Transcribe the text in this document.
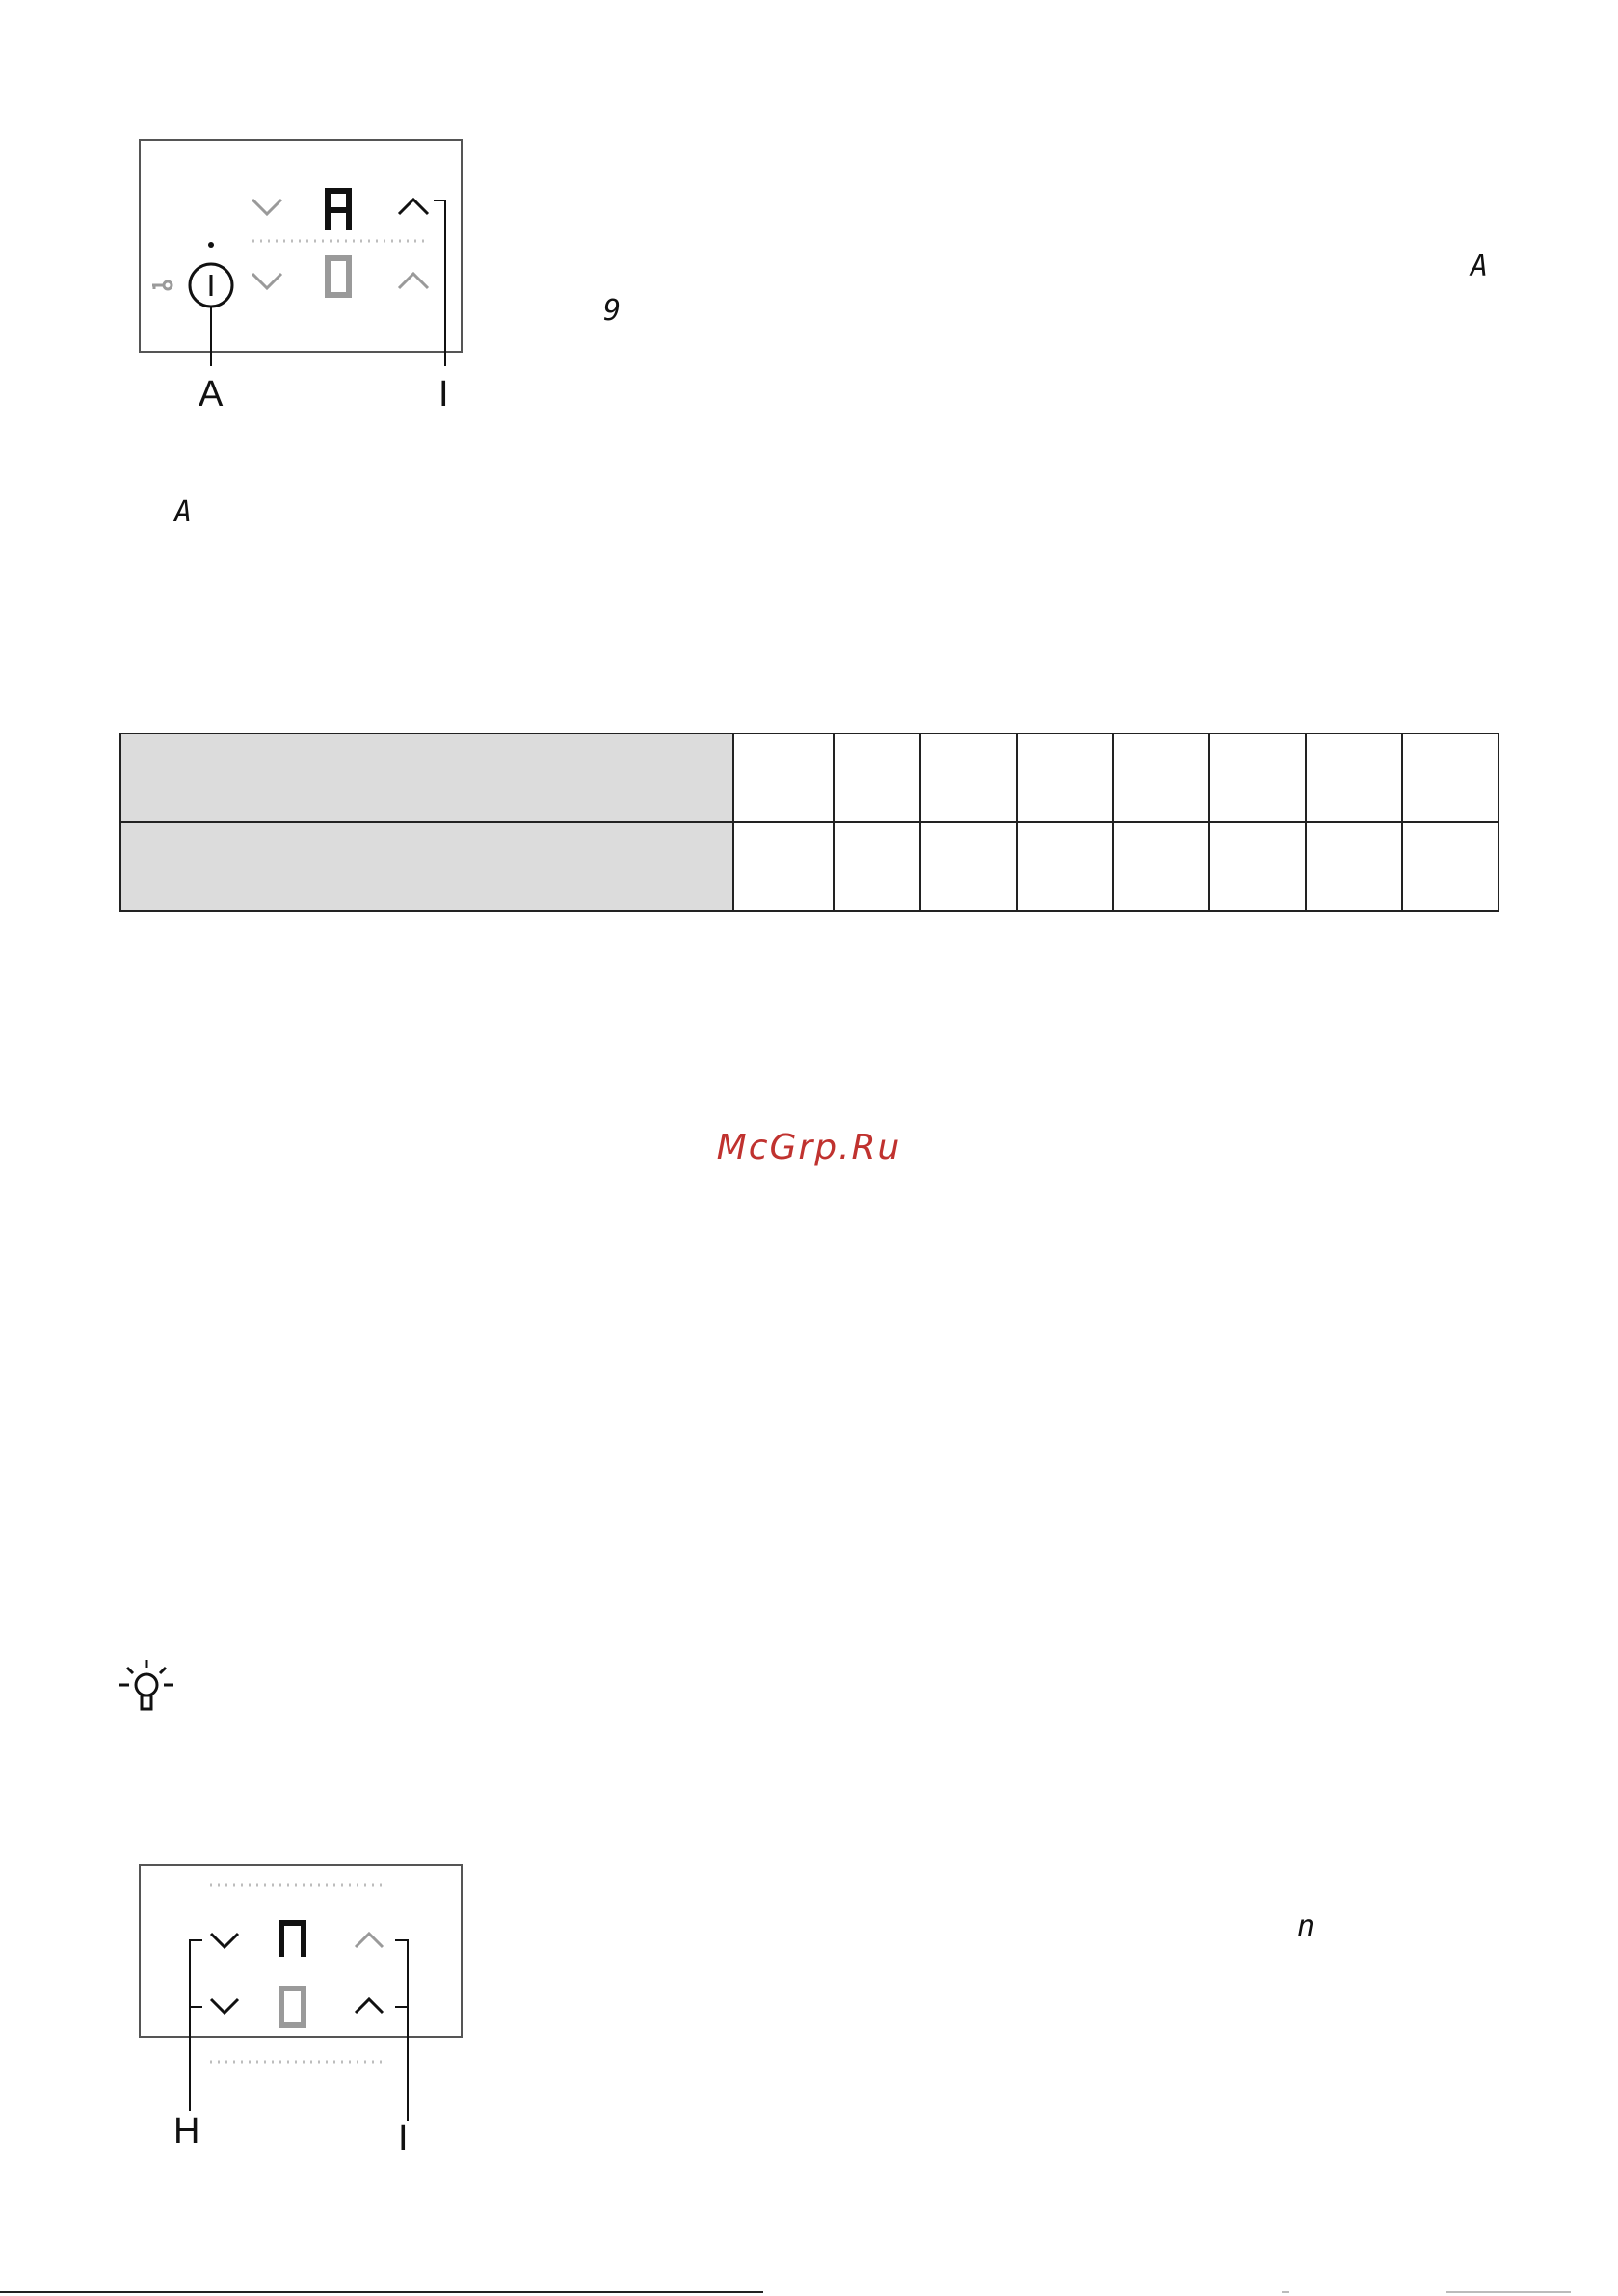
A	I
A
9
A

McGrp.Ru
H	I
n
